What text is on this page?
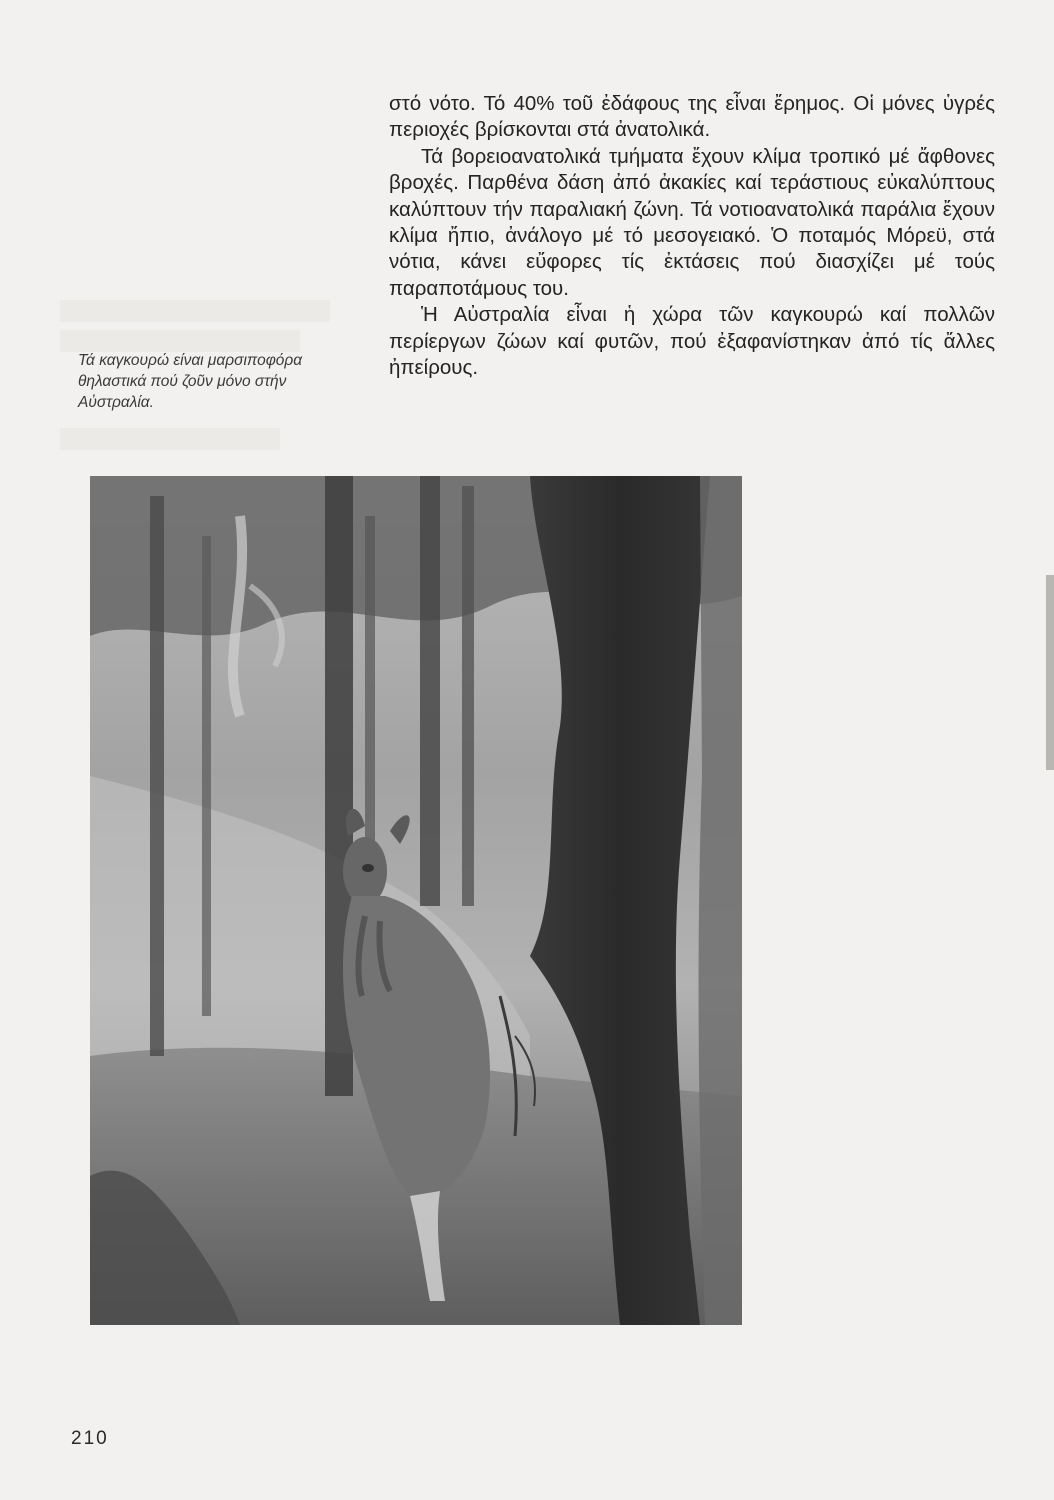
Τά καγκουρώ είναι μαρσιποφόρα θηλαστικά πού ζοῦν μόνο στήν Αὐστραλία.

στό νότο. Τό 40% τοῦ ἐδάφους της εἶναι ἔρημος. Οἱ μόνες ὑγρές περιοχές βρίσκονται στά ἀνατολικά.

Τά βορειοανατολικά τμήματα ἔχουν κλίμα τροπικό μέ ἄφθονες βροχές. Παρθένα δάση ἀπό ἀκακίες καί τεράστιους εὐκαλύπτους καλύπτουν τήν παραλιακή ζώνη. Τά νοτιοανατολικά παράλια ἔχουν κλίμα ἤπιο, ἀνάλογο μέ τό μεσογειακό. Ὁ ποταμός Μόρεϋ, στά νότια, κάνει εὔφορες τίς ἐκτάσεις πού διασχίζει μέ τούς παραποτάμους του.

Ἡ Αὐστραλία εἶναι ἡ χώρα τῶν καγκουρώ καί πολλῶν περίεργων ζώων καί φυτῶν, πού ἐξαφανίστηκαν ἀπό τίς ἄλλες ἠπείρους.

210
